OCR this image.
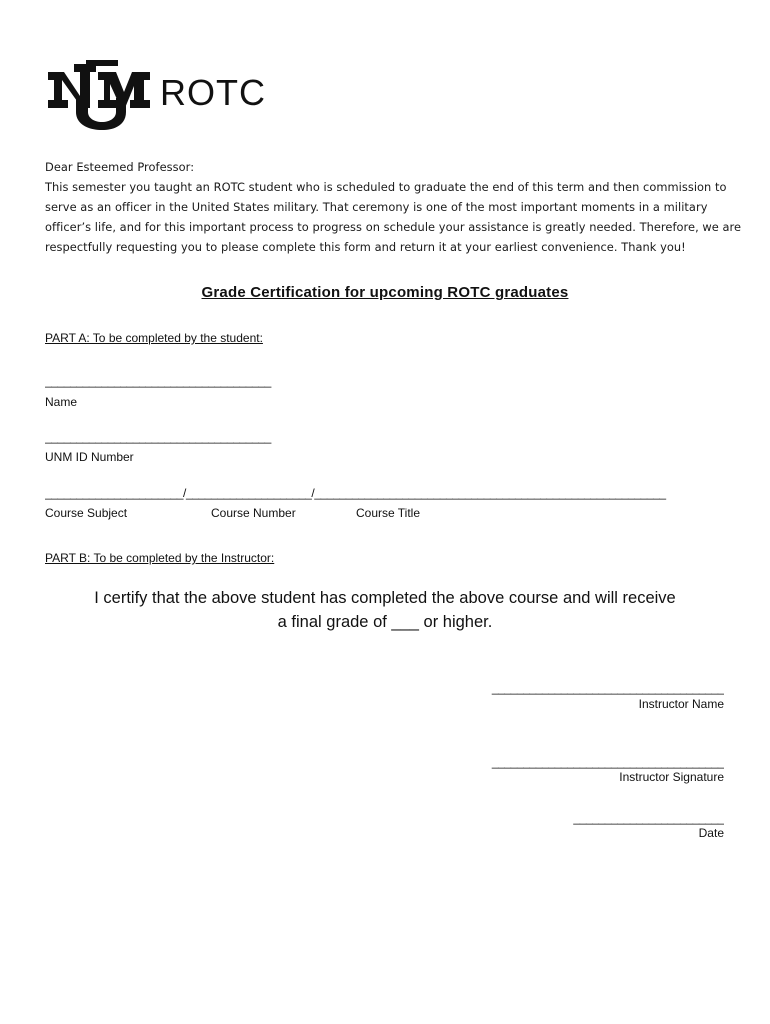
ROTC
Dear Esteemed Professor:
This semester you taught an ROTC student who is scheduled to graduate the end of this term and then commission to
serve as an officer in the United States military. That ceremony is one of the most important moments in a military
officer’s life, and for this important process to progress on schedule your assistance is greatly needed. Therefore, we are
respectfully requesting you to please complete this form and return it at your earliest convenience. Thank you!
Grade Certification for upcoming ROTC graduates
PART A: To be completed by the student:
____________________________________
Name
____________________________________
UNM ID Number
______________________/____________________/________________________________________________________
Course Subject	Course Number	Course Title
PART B: To be completed by the Instructor:
I certify that the above student has completed the above course and will receive
a final grade of ___ or higher.
_____________________________________
Instructor Name
_____________________________________
Instructor Signature
________________________
Date
